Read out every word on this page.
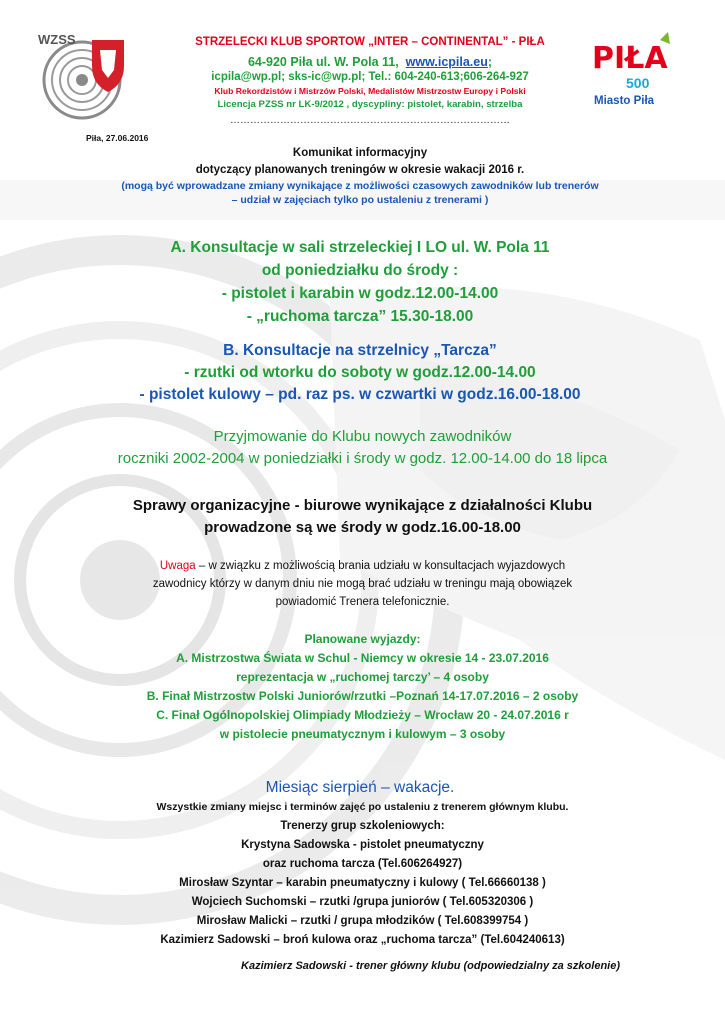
WZSS
PIŁA
500
Miasto Piła
STRZELECKI KLUB SPORTOW „INTER – CONTINENTAL” - PIŁA
64-920 Piła ul. W. Pola 11, www.icpila.eu;
icpila@wp.pl; sks-ic@wp.pl; Tel.: 604-240-613;606-264-927
Klub Rekordzistów i Mistrzów Polski, Medalistów Mistrzostw Europy i Polski
Licencja PZSS nr LK-9/2012 , dyscypliny: pistolet, karabin, strzelba
…………………………………………………………………………
Piła, 27.06.2016
Komunikat informacyjny
dotyczący planowanych treningów w okresie wakacji 2016 r.
(mogą być wprowadzane zmiany wynikające z możliwości czasowych zawodników lub trenerów
– udział w zajęciach tylko po ustaleniu z trenerami )
A. Konsultacje w sali strzeleckiej I LO ul. W. Pola 11
od poniedziałku do środy :
- pistolet i karabin w godz.12.00-14.00
- „ruchoma tarcza” 15.30-18.00
B. Konsultacje na strzelnicy „Tarcza”
- rzutki od wtorku do soboty w godz.12.00-14.00
- pistolet kulowy – pd. raz ps. w czwartki w godz.16.00-18.00
Przyjmowanie do Klubu nowych zawodników
roczniki 2002-2004 w poniedziałki i środy w godz. 12.00-14.00 do 18 lipca
Sprawy organizacyjne - biurowe wynikające z działalności Klubu
prowadzone są we środy w godz.16.00-18.00
Uwaga – w związku z możliwością brania udziału w konsultacjach wyjazdowych
zawodnicy którzy w danym dniu nie mogą brać udziału w treningu mają obowiązek
powiadomić Trenera telefonicznie.
Planowane wyjazdy:
A. Mistrzostwa Świata w Schul - Niemcy w okresie 14 - 23.07.2016
reprezentacja w „ruchomej tarczy’ – 4 osoby
B. Finał Mistrzostw Polski Juniorów/rzutki –Poznań 14-17.07.2016 – 2 osoby
C. Finał Ogólnopolskiej Olimpiady Młodzieży – Wrocław 20 - 24.07.2016 r
w pistolecie pneumatycznym i kulowym – 3 osoby
Miesiąc sierpień – wakacje.
Wszystkie zmiany miejsc i terminów zajęć po ustaleniu z trenerem głównym klubu.
Trenerzy grup szkoleniowych:
Krystyna Sadowska - pistolet pneumatyczny
oraz ruchoma tarcza (Tel.606264927)
Mirosław Szyntar – karabin pneumatyczny i kulowy ( Tel.66660138 )
Wojciech Suchomski – rzutki /grupa juniorów ( Tel.605320306 )
Mirosław Malicki – rzutki / grupa młodzików ( Tel.608399754 )
Kazimierz Sadowski – broń kulowa oraz „ruchoma tarcza” (Tel.604240613)
Kazimierz Sadowski - trener główny klubu (odpowiedzialny za szkolenie)
